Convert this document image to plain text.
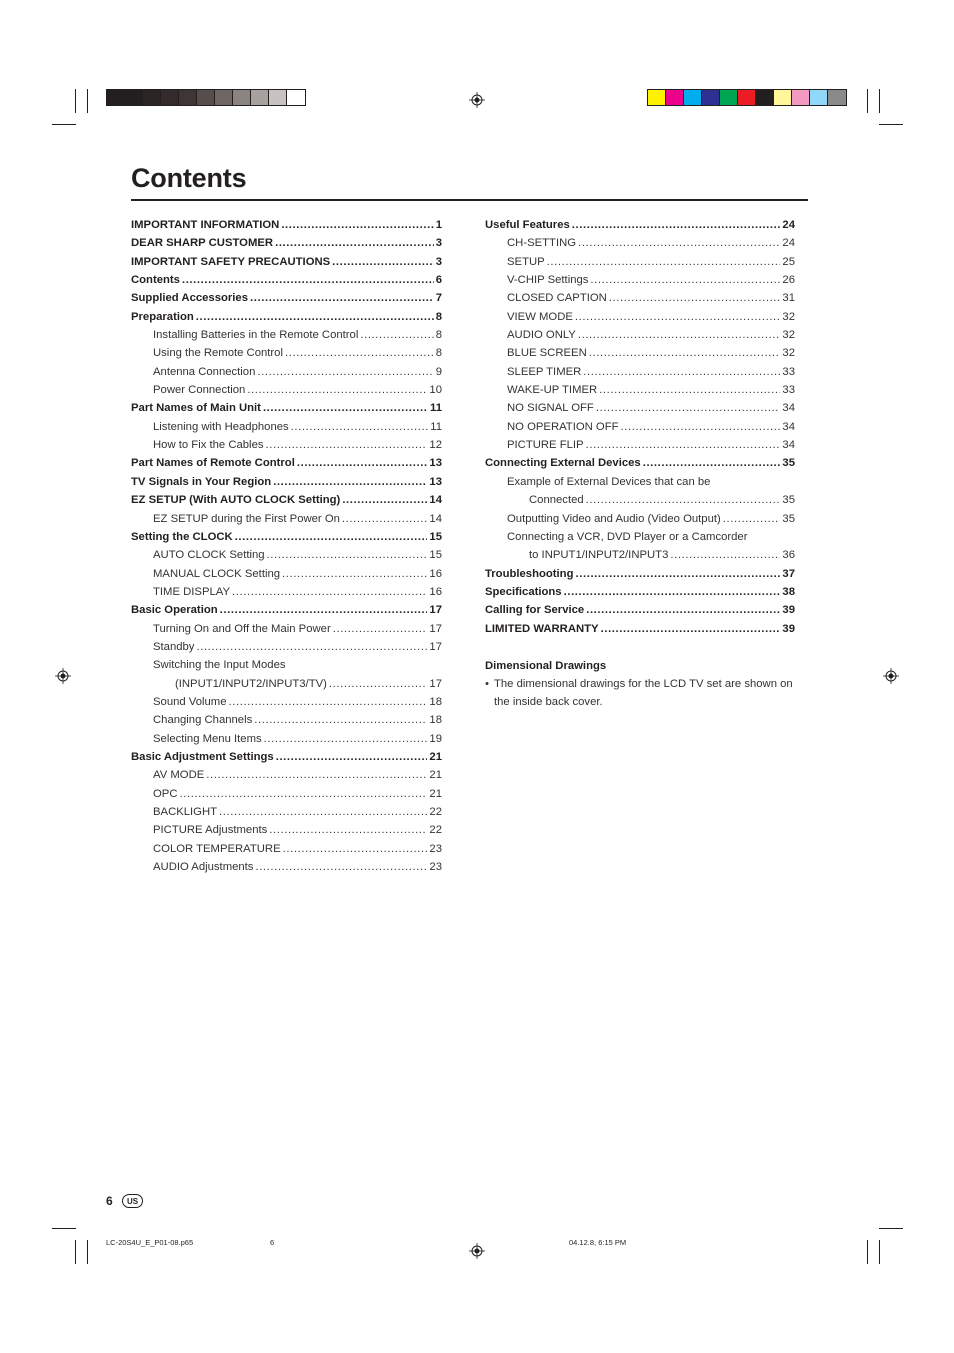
Contents
IMPORTANT INFORMATION .....	1
DEAR SHARP CUSTOMER .....	3
IMPORTANT SAFETY PRECAUTIONS .....	3
Contents .....	6
Supplied Accessories .....	7
Preparation .....	8
Installing Batteries in the Remote Control .....	8
Using the Remote Control .....	8
Antenna Connection .....	9
Power Connection .....	10
Part Names of Main Unit .....	11
Listening with Headphones .....	11
How to Fix the Cables .....	12
Part Names of Remote Control .....	13
TV Signals in Your Region .....	13
EZ SETUP (With AUTO CLOCK Setting) .....	14
EZ SETUP during the First Power On .....	14
Setting the CLOCK .....	15
AUTO CLOCK Setting .....	15
MANUAL CLOCK Setting .....	16
TIME DISPLAY .....	16
Basic Operation .....	17
Turning On and Off the Main Power .....	17
Standby .....	17
Switching the Input Modes
(INPUT1/INPUT2/INPUT3/TV) .....	17
Sound Volume .....	18
Changing Channels .....	18
Selecting Menu Items .....	19
Basic Adjustment Settings .....	21
AV MODE .....	21
OPC .....	21
BACKLIGHT .....	22
PICTURE Adjustments .....	22
COLOR TEMPERATURE .....	23
AUDIO Adjustments .....	23
Useful Features .....	24
CH-SETTING .....	24
SETUP .....	25
V-CHIP Settings .....	26
CLOSED CAPTION .....	31
VIEW MODE .....	32
AUDIO ONLY .....	32
BLUE SCREEN .....	32
SLEEP TIMER .....	33
WAKE-UP TIMER .....	33
NO SIGNAL OFF .....	34
NO OPERATION OFF .....	34
PICTURE FLIP .....	34
Connecting External Devices .....	35
Example of External Devices that can be
Connected .....	35
Outputting Video and Audio (Video Output) .....	35
Connecting a VCR, DVD Player or a Camcorder
to INPUT1/INPUT2/INPUT3 .....	36
Troubleshooting .....	37
Specifications .....	38
Calling for Service .....	39
LIMITED WARRANTY .....	39
Dimensional Drawings
• The dimensional drawings for the LCD TV set are shown on
the inside back cover.
6	US
LC-20S4U_E_P01-08.p65	6	04.12.8, 6:15 PM
